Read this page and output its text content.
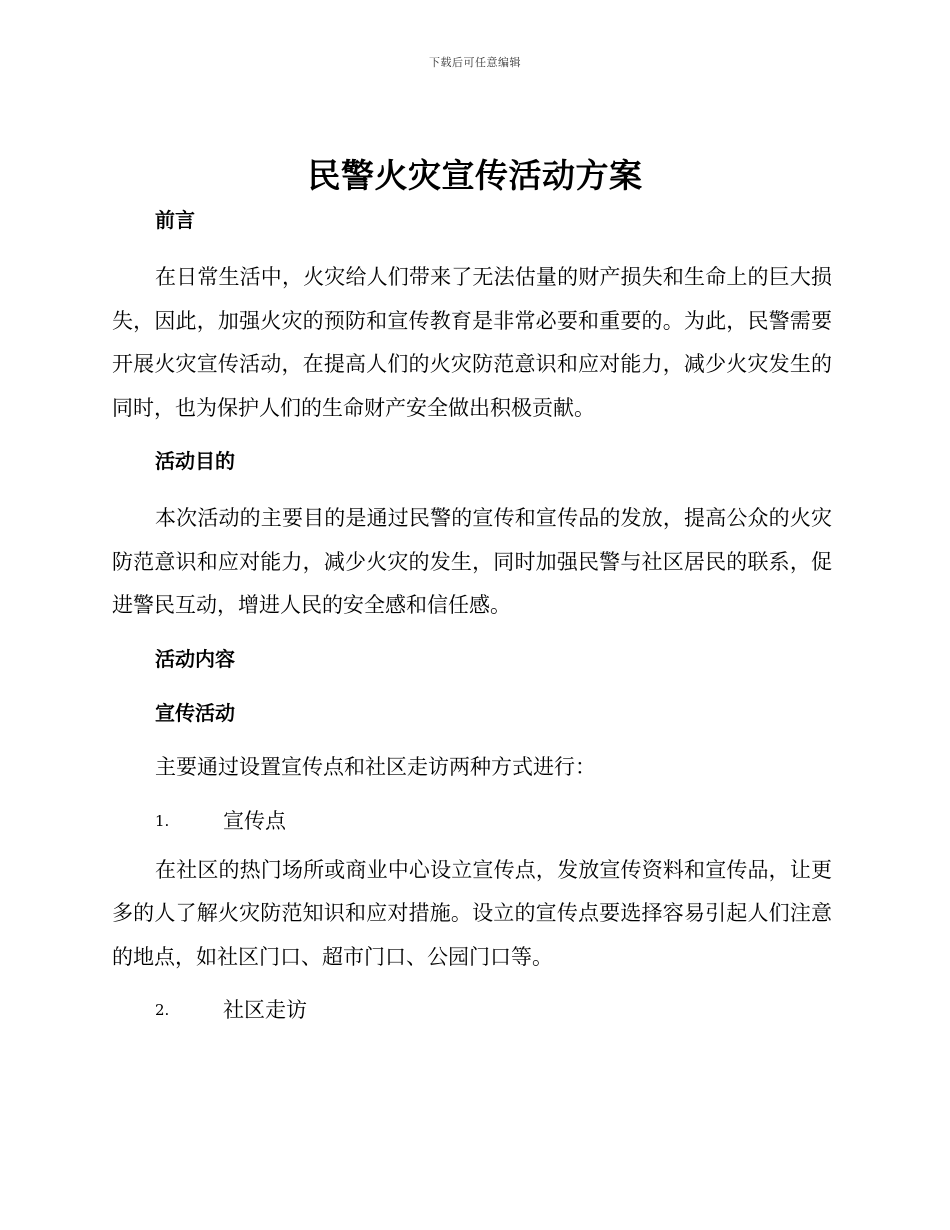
下载后可任意编辑
民警火灾宣传活动方案
前言

在日常生活中，火灾给人们带来了无法估量的财产损失和生命上的巨大损失，因此，加强火灾的预防和宣传教育是非常必要和重要的。为此，民警需要开展火灾宣传活动，在提高人们的火灾防范意识和应对能力，减少火灾发生的同时，也为保护人们的生命财产安全做出积极贡献。

活动目的

本次活动的主要目的是通过民警的宣传和宣传品的发放，提高公众的火灾防范意识和应对能力，减少火灾的发生，同时加强民警与社区居民的联系，促进警民互动，增进人民的安全感和信任感。

活动内容
宣传活动
主要通过设置宣传点和社区走访两种方式进行：
1.	宣传点

在社区的热门场所或商业中心设立宣传点，发放宣传资料和宣传品，让更多的人了解火灾防范知识和应对措施。设立的宣传点要选择容易引起人们注意的地点，如社区门口、超市门口、公园门口等。

2.	社区走访
